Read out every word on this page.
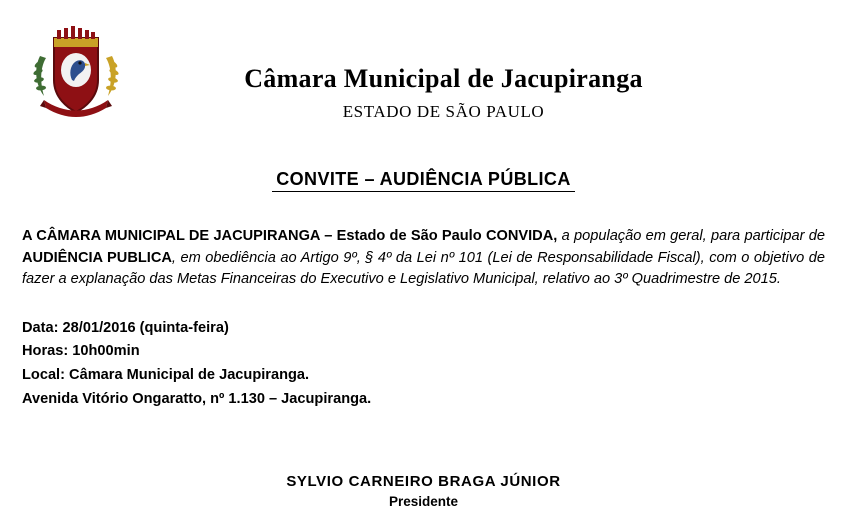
Câmara Municipal de Jacupiranga
ESTADO DE SÃO PAULO
CONVITE – AUDIÊNCIA PÚBLICA
A CÂMARA MUNICIPAL DE JACUPIRANGA – Estado de São Paulo CONVIDA, a população em geral, para participar de AUDIÊNCIA PUBLICA, em obediência ao Artigo 9º, § 4º da Lei nº 101 (Lei de Responsabilidade Fiscal), com o objetivo de fazer a explanação das Metas Financeiras do Executivo e Legislativo Municipal, relativo ao 3º Quadrimestre de 2015.
Data: 28/01/2016 (quinta-feira)
Horas: 10h00min
Local: Câmara Municipal de Jacupiranga.
Avenida Vitório Ongaratto, nº 1.130 – Jacupiranga.
SYLVIO CARNEIRO BRAGA JÚNIOR
Presidente
